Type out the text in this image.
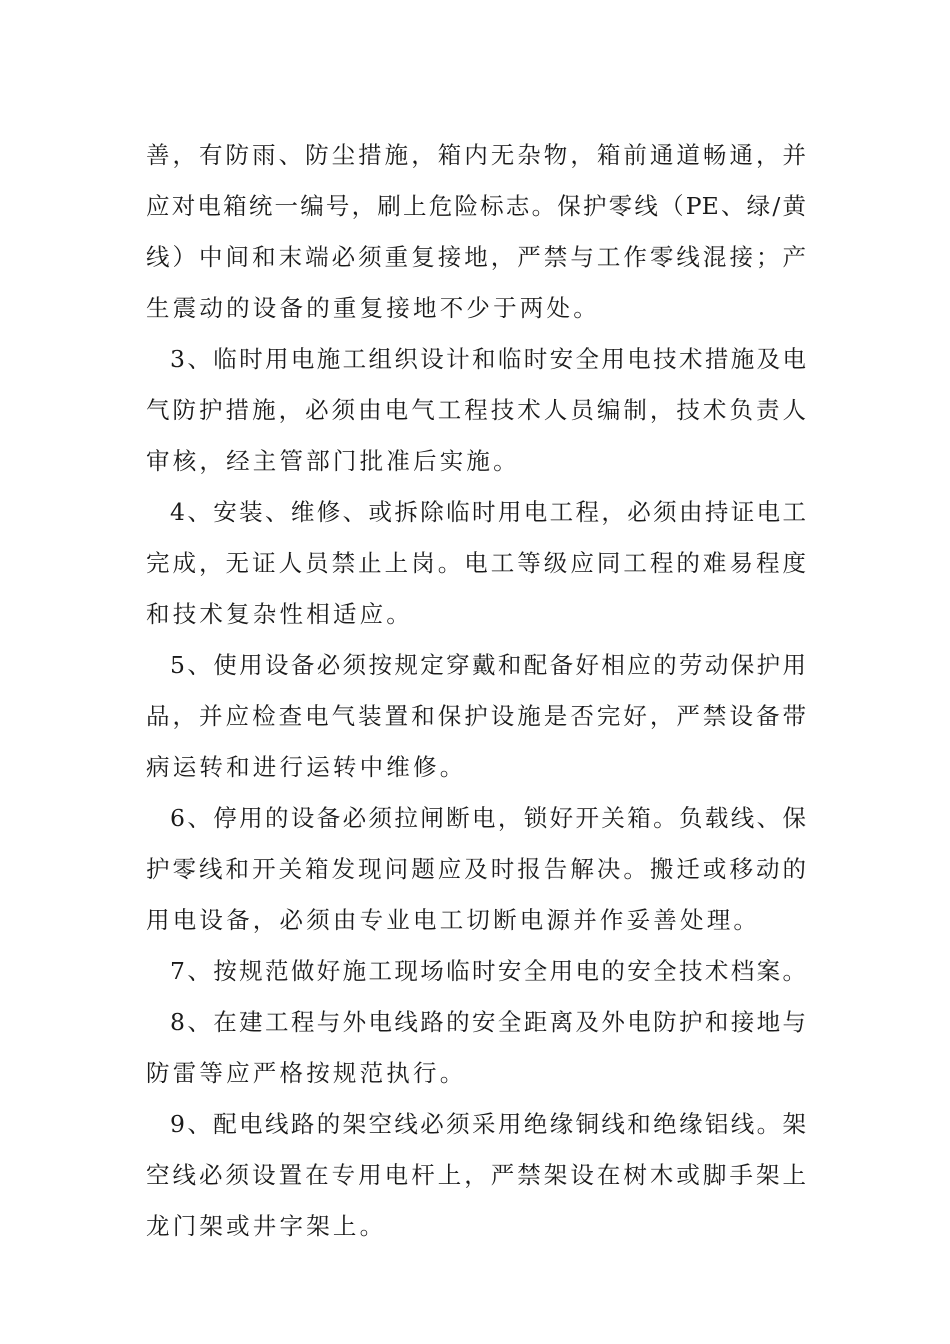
善，有防雨、防尘措施，箱内无杂物，箱前通道畅通，并
应对电箱统一编号，刷上危险标志。保护零线（PE、绿/黄
线）中间和末端必须重复接地，严禁与工作零线混接；产
生震动的设备的重复接地不少于两处。
3、临时用电施工组织设计和临时安全用电技术措施及电
气防护措施，必须由电气工程技术人员编制，技术负责人
审核，经主管部门批准后实施。
4、安装、维修、或拆除临时用电工程，必须由持证电工
完成，无证人员禁止上岗。电工等级应同工程的难易程度
和技术复杂性相适应。
5、使用设备必须按规定穿戴和配备好相应的劳动保护用
品，并应检查电气装置和保护设施是否完好，严禁设备带
病运转和进行运转中维修。
6、停用的设备必须拉闸断电，锁好开关箱。负载线、保
护零线和开关箱发现问题应及时报告解决。搬迁或移动的
用电设备，必须由专业电工切断电源并作妥善处理。
7、按规范做好施工现场临时安全用电的安全技术档案。
8、在建工程与外电线路的安全距离及外电防护和接地与
防雷等应严格按规范执行。
9、配电线路的架空线必须采用绝缘铜线和绝缘铝线。架
空线必须设置在专用电杆上，严禁架设在树木或脚手架上
龙门架或井字架上。
